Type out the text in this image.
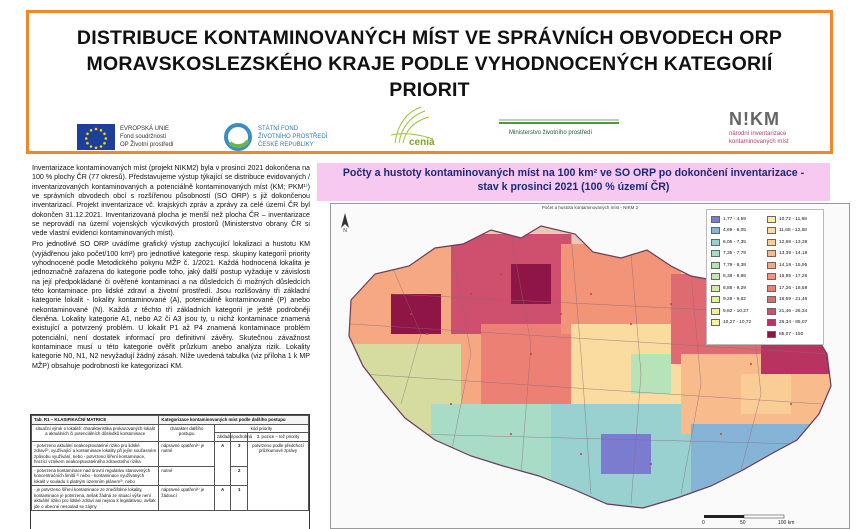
DISTRIBUCE KONTAMINOVANÝCH MÍST VE SPRÁVNÍCH OBVODECH ORP MORAVSKOSLEZSKÉHO KRAJE PODLE VYHODNOCENÝCH KATEGORIÍ PRIORIT
EVROPSKÁ UNIE
Fond soudržnosti
OP Životní prostředí
STÁTNÍ FOND
ŽIVOTNÍHO PROSTŘEDÍ
ČESKÉ REPUBLIKY	cenia
Ministerstvo životního prostředí
N!KM
národní inventarizace
kontaminovaných míst

Inventarizace kontaminovaných míst (projekt NIKM2) byla v prosinci 2021 dokončena na 100 % plochy ČR (77 okresů). Představujeme výstup týkající se distribuce evidovaných / inventarizovaných kontaminovaných a potenciálně kontaminovaných míst (KM; PKM¹⁾) ve správních obvodech obcí s rozšířenou působností (SO ORP) s již dokončenou inventarizací. Projekt inventarizace vč. krajských zpráv a zprávy za celé území ČR byl dokončen 31.12.2021. Inventarizovaná plocha je menší než plocha ČR – inventarizace se neprovádí na území vojenských výcvikových prostorů (Ministerstvo obrany ČR si vede vlastní evidenci kontaminovaných míst).

Pro jednotlivé SO ORP uvádíme grafický výstup zachycující lokalizaci a hustotu KM (vyjádřenou jako počet/100 km²) pro jednotlivé kategorie resp. skupiny kategorií priority vyhodnocené podle Metodického pokynu MŽP č. 1/2021. Každá hodnocená lokalita je jednoznačně zařazena do kategorie podle toho, jaký další postup vyžaduje v závislosti na její předpokládané či ověřené kontaminaci a na důsledcích či možných důsledcích této kontaminace pro lidské zdraví a životní prostředí. Jsou rozlišovány tři základní kategorie lokalit - lokality kontaminované (A), potenciálně kontaminované (P) anebo nekontaminované (N). Každá z těchto tří základních kategorií je ještě podrobněji členěna. Lokality kategorie A1, nebo A2 či A3 jsou ty, u nichž kontaminace znamená existující a potvrzený problém. U lokalit P1 až P4 znamená kontaminace problém potenciální, není dostatek informací pro definitivní závěry. Skutečnou závažnost kontaminace musí u této kategorie ověřit průzkum anebo analýza rizik. Lokality kategorie N0, N1, N2 nevyžadují žádný zásah. Níže uvedená tabulka (viz příloha 1 k MP MŽP) obsahuje podrobnosti ke kategorizaci KM.

Tab. R1 – KLASIFIKAČNÍ MATRICE	Kategorizace kontaminovaných míst podle dalšího postupu			
situační výrok o lokalitě: charakteristika prokazovaných lokalit a aktuálních či potenciálních důsledků kontaminace	charakter dalšího postupu	kód priority		
		základní	podrobná	3. pozice – tež priority
- potvrzeno aktuální neakceptovatelné riziko pro lidské zdraví²⁾, využívající a kontaminace lokality při jejím současném způsobu využívání, nebo - potvrzeno šíření kontaminace, hrozící vznikem neakceptovatelného zdravotního rizika	nápravné opatření¹⁾ je nutné	A	3	potvrzeno podle předchozí průzkumové zprávy
- potvrzena kontaminace nad úrovní regulativu stanovených koncentračních limitů ²⁾ nebo - kontaminace využívaných lokalit v souladu s platným územním plánem³⁾, nebo	nutné		2	
- je potvrzeno šíření kontaminace ze znečištěné lokality, kontaminace je potvrzena, avšak žádná ze situací výše není aktuální riziko pro lidské zdraví ani nejsou k legislativou, avšak jde o obecné nesoulad se zájmy	nápravné opatření¹⁾ je žádoucí	A	1	
Počty a hustoty kontaminovaných míst na 100 km² ve SO ORP po dokončení inventarizace -
stav k prosinci 2021 (100 % území ČR)
Počet a hustota kontaminovaných míst - NIKM 2
N
1,77 - 4,69
4,69 - 6,05
6,05 - 7,35
7,35 - 7,79
7,79 - 8,38
8,38 - 8,88
8,88 - 9,29
9,29 - 9,82
9,82 - 10,27
10,27 - 10,72
10,72 - 11,68
11,68 - 12,68
12,68 - 13,39
13,39 - 14,19
14,19 - 15,95
15,95 - 17,26
17,26 - 18,59
18,59 - 21,46
21,46 - 26,34
26,34 - 85,07
85,07 - 150
0	50	100 km
